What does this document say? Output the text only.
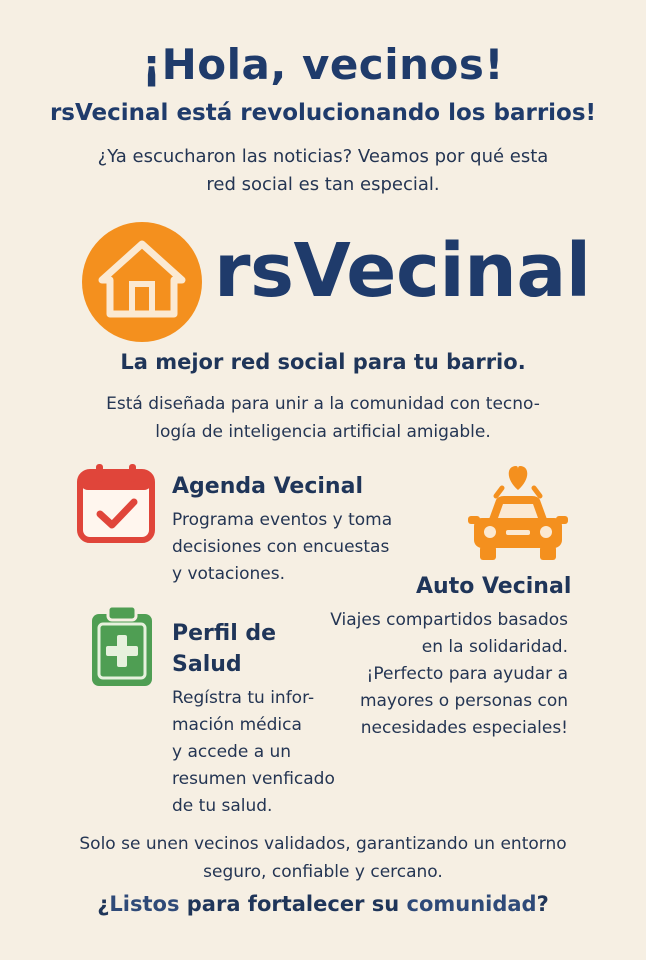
¡Hola, vecinos!
rsVecinal está revolucionando los barrios!
¿Ya escucharon las noticias? Veamos por qué esta
red social es tan especial.
rsVecinal
La mejor red social para tu barrio.
Está diseñada para unir a la comunidad con tecno-
logía de inteligencia artificial amigable.
Agenda Vecinal
Programa eventos y toma
decisiones con encuestas
y votaciones.	Auto Vecinal
Viajes compartidos basados
en la solidaridad.
¡Perfecto para ayudar a
mayores o personas con
necesidades especiales!
Perfil de
Salud
Regístra tu infor-
mación médica
y accede a un
resumen venficado
de tu salud.
Solo se unen vecinos validados, garantizando un entorno
seguro, confiable y cercano.
¿Listos para fortalecer su comunidad?
